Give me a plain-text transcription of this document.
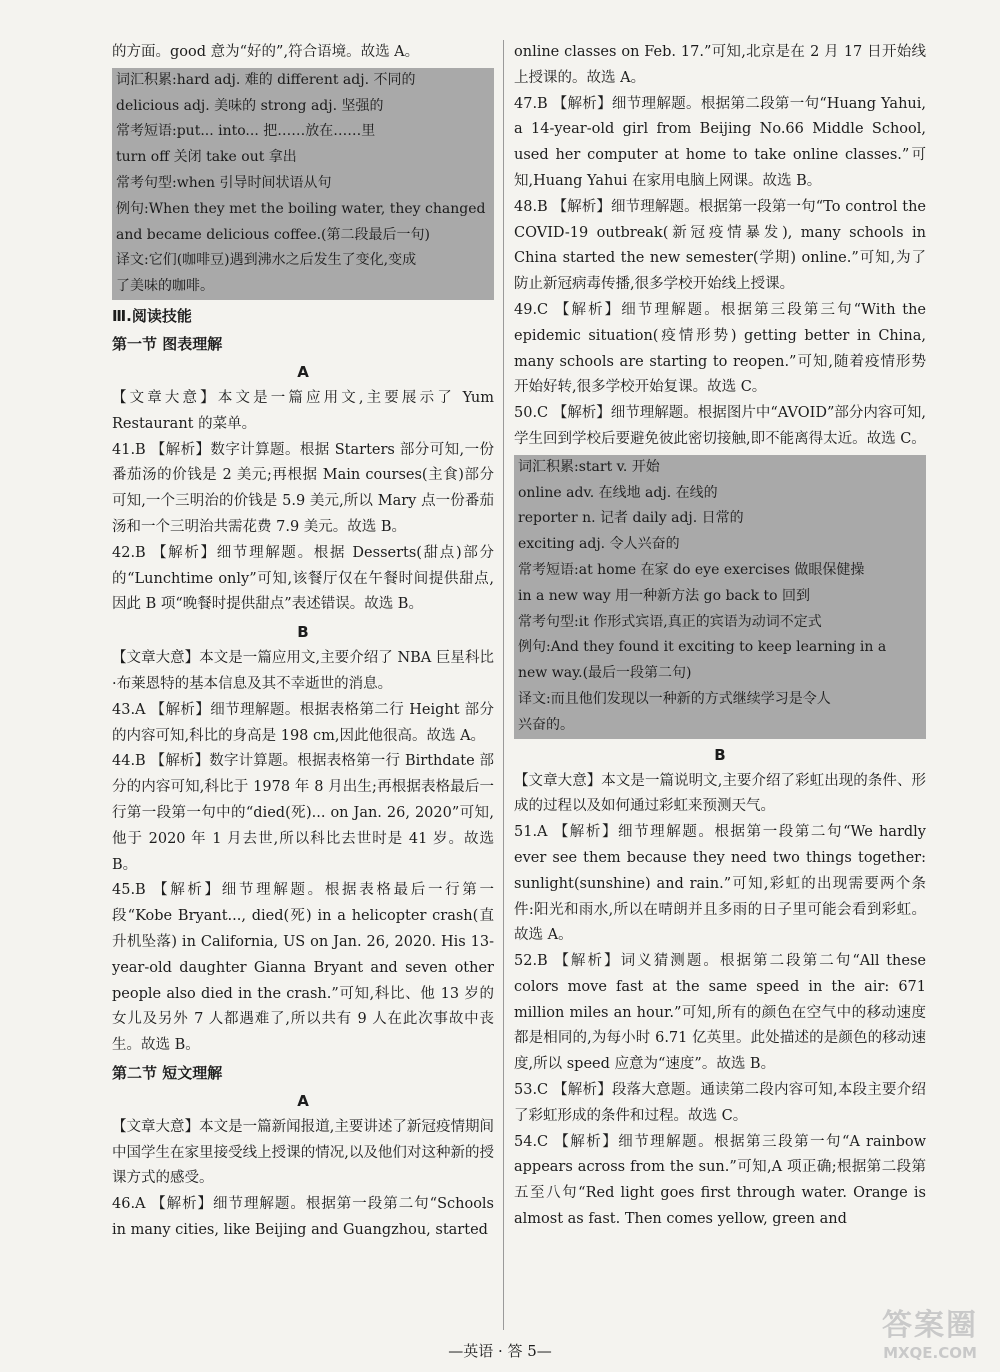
的方面。good 意为“好的”,符合语境。故选 A。

词汇积累:hard adj. 难的 different adj. 不同的
delicious adj. 美味的 strong adj. 坚强的
常考短语:put... into... 把……放在……里
turn off 关闭 take out 拿出
常考句型:when 引导时间状语从句
例句:When they met the boiling water, they changed
and became delicious coffee.(第二段最后一句)
译文:它们(咖啡豆)遇到沸水之后发生了变化,变成
了美味的咖啡。

Ⅲ.阅读技能

第一节 图表理解

A

【文章大意】本文是一篇应用文,主要展示了 Yum Restaurant 的菜单。

41.B 【解析】数字计算题。根据 Starters 部分可知,一份番茄汤的价钱是 2 美元;再根据 Main courses(主食)部分可知,一个三明治的价钱是 5.9 美元,所以 Mary 点一份番茄汤和一个三明治共需花费 7.9 美元。故选 B。

42.B 【解析】细节理解题。根据 Desserts(甜点)部分的“Lunchtime only”可知,该餐厅仅在午餐时间提供甜点,因此 B 项“晚餐时提供甜点”表述错误。故选 B。

B

【文章大意】本文是一篇应用文,主要介绍了 NBA 巨星科比·布莱恩特的基本信息及其不幸逝世的消息。

43.A 【解析】细节理解题。根据表格第二行 Height 部分的内容可知,科比的身高是 198 cm,因此他很高。故选 A。

44.B 【解析】数字计算题。根据表格第一行 Birthdate 部分的内容可知,科比于 1978 年 8 月出生;再根据表格最后一行第一段第一句中的“died(死)... on Jan. 26, 2020”可知,他于 2020 年 1 月去世,所以科比去世时是 41 岁。故选 B。

45.B 【解析】细节理解题。根据表格最后一行第一段“Kobe Bryant..., died(死) in a helicopter crash(直升机坠落) in California, US on Jan. 26, 2020. His 13-year-old daughter Gianna Bryant and seven other people also died in the crash.”可知,科比、他 13 岁的女儿及另外 7 人都遇难了,所以共有 9 人在此次事故中丧生。故选 B。

第二节 短文理解

A

【文章大意】本文是一篇新闻报道,主要讲述了新冠疫情期间中国学生在家里接受线上授课的情况,以及他们对这种新的授课方式的感受。

46.A 【解析】细节理解题。根据第一段第二句“Schools in many cities, like Beijing and Guangzhou, started

online classes on Feb. 17.”可知,北京是在 2 月 17 日开始线上授课的。故选 A。

47.B 【解析】细节理解题。根据第二段第一句“Huang Yahui, a 14-year-old girl from Beijing No.66 Middle School, used her computer at home to take online classes.”可知,Huang Yahui 在家用电脑上网课。故选 B。

48.B 【解析】细节理解题。根据第一段第一句“To control the COVID-19 outbreak(新冠疫情暴发), many schools in China started the new semester(学期) online.”可知,为了防止新冠病毒传播,很多学校开始线上授课。

49.C 【解析】细节理解题。根据第三段第三句“With the epidemic situation(疫情形势) getting better in China, many schools are starting to reopen.”可知,随着疫情形势开始好转,很多学校开始复课。故选 C。

50.C 【解析】细节理解题。根据图片中“AVOID”部分内容可知,学生回到学校后要避免彼此密切接触,即不能离得太近。故选 C。

词汇积累:start v. 开始
online adv. 在线地 adj. 在线的
reporter n. 记者 daily adj. 日常的
exciting adj. 令人兴奋的
常考短语:at home 在家 do eye exercises 做眼保健操
in a new way 用一种新方法 go back to 回到
常考句型:it 作形式宾语,真正的宾语为动词不定式
例句:And they found it exciting to keep learning in a
new way.(最后一段第二句)
译文:而且他们发现以一种新的方式继续学习是令人
兴奋的。

B

【文章大意】本文是一篇说明文,主要介绍了彩虹出现的条件、形成的过程以及如何通过彩虹来预测天气。

51.A 【解析】细节理解题。根据第一段第二句“We hardly ever see them because they need two things together: sunlight(sunshine) and rain.”可知,彩虹的出现需要两个条件:阳光和雨水,所以在晴朗并且多雨的日子里可能会看到彩虹。故选 A。

52.B 【解析】词义猜测题。根据第二段第二句“All these colors move fast at the same speed in the air: 671 million miles an hour.”可知,所有的颜色在空气中的移动速度都是相同的,为每小时 6.71 亿英里。此处描述的是颜色的移动速度,所以 speed 应意为“速度”。故选 B。

53.C 【解析】段落大意题。通读第二段内容可知,本段主要介绍了彩虹形成的条件和过程。故选 C。

54.C 【解析】细节理解题。根据第三段第一句“A rainbow appears across from the sun.”可知,A 项正确;根据第二段第五至八句“Red light goes first through water. Orange is almost as fast. Then comes yellow, green and

—英语 · 答 5—
答案圈
MXQE.COM
